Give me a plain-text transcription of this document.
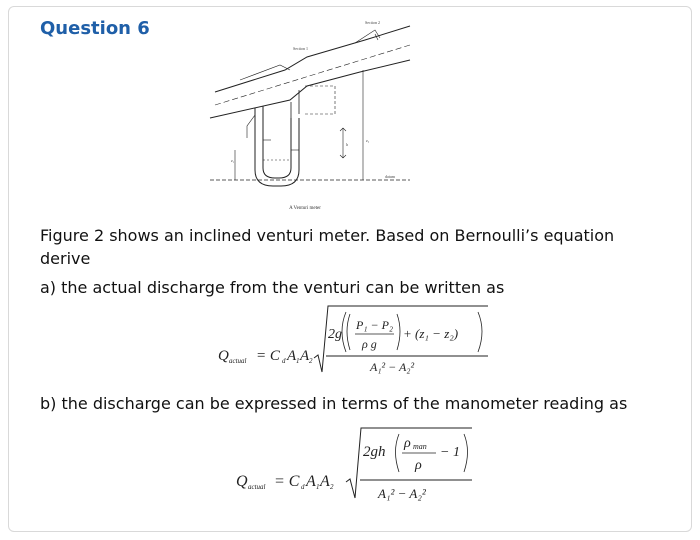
Question 6	Section 2
Section 1
datum
z₁
z₂
h
A Venturi meter
Figure 2 shows an inclined venturi meter. Based on Bernoulli’s equation
derive
a) the actual discharge from the venturi can be written as
Q actual = C d A 1 A 2
2g
P₁ − P₂
ρ g
+ (z₁ − z₂)
A₁² − A₂²
b) the discharge can be expressed in terms of the manometer reading as
Q actual = C d A 1 A 2
2gh
ρ man
ρ
− 1
A₁² − A₂²
